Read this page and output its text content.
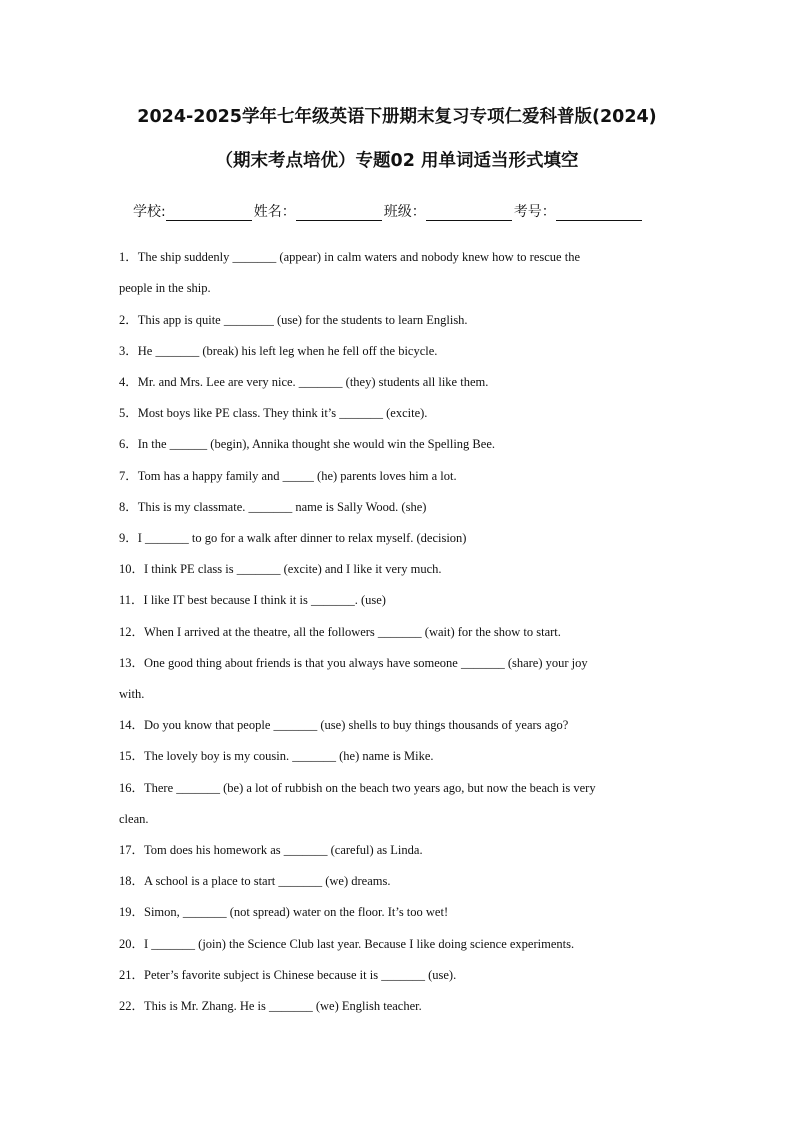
2024-2025学年七年级英语下册期末复习专项仁爱科普版(2024)
（期末考点培优）专题02 用单词适当形式填空
学校:	姓名：	班级：	考号：
1．The ship suddenly _______ (appear) in calm waters and nobody knew how to rescue the
people in the ship.
2．This app is quite ________ (use) for the students to learn English.
3．He _______ (break) his left leg when he fell off the bicycle.
4．Mr. and Mrs. Lee are very nice. _______ (they) students all like them.
5．Most boys like PE class. They think it’s _______ (excite).
6．In the ______ (begin), Annika thought she would win the Spelling Bee.
7．Tom has a happy family and _____ (he) parents loves him a lot.
8．This is my classmate. _______ name is Sally Wood. (she)
9．I _______ to go for a walk after dinner to relax myself. (decision)
10．I think PE class is _______ (excite) and I like it very much.
11．I like IT best because I think it is _______. (use)
12．When I arrived at the theatre, all the followers _______ (wait) for the show to start.
13．One good thing about friends is that you always have someone _______ (share) your joy
with.
14．Do you know that people _______ (use) shells to buy things thousands of years ago?
15．The lovely boy is my cousin. _______ (he) name is Mike.
16．There _______ (be) a lot of rubbish on the beach two years ago, but now the beach is very
clean.
17．Tom does his homework as _______ (careful) as Linda.
18．A school is a place to start _______ (we) dreams.
19．Simon, _______ (not spread) water on the floor. It’s too wet!
20．I _______ (join) the Science Club last year. Because I like doing science experiments.
21．Peter’s favorite subject is Chinese because it is _______ (use).
22．This is Mr. Zhang. He is _______ (we) English teacher.
